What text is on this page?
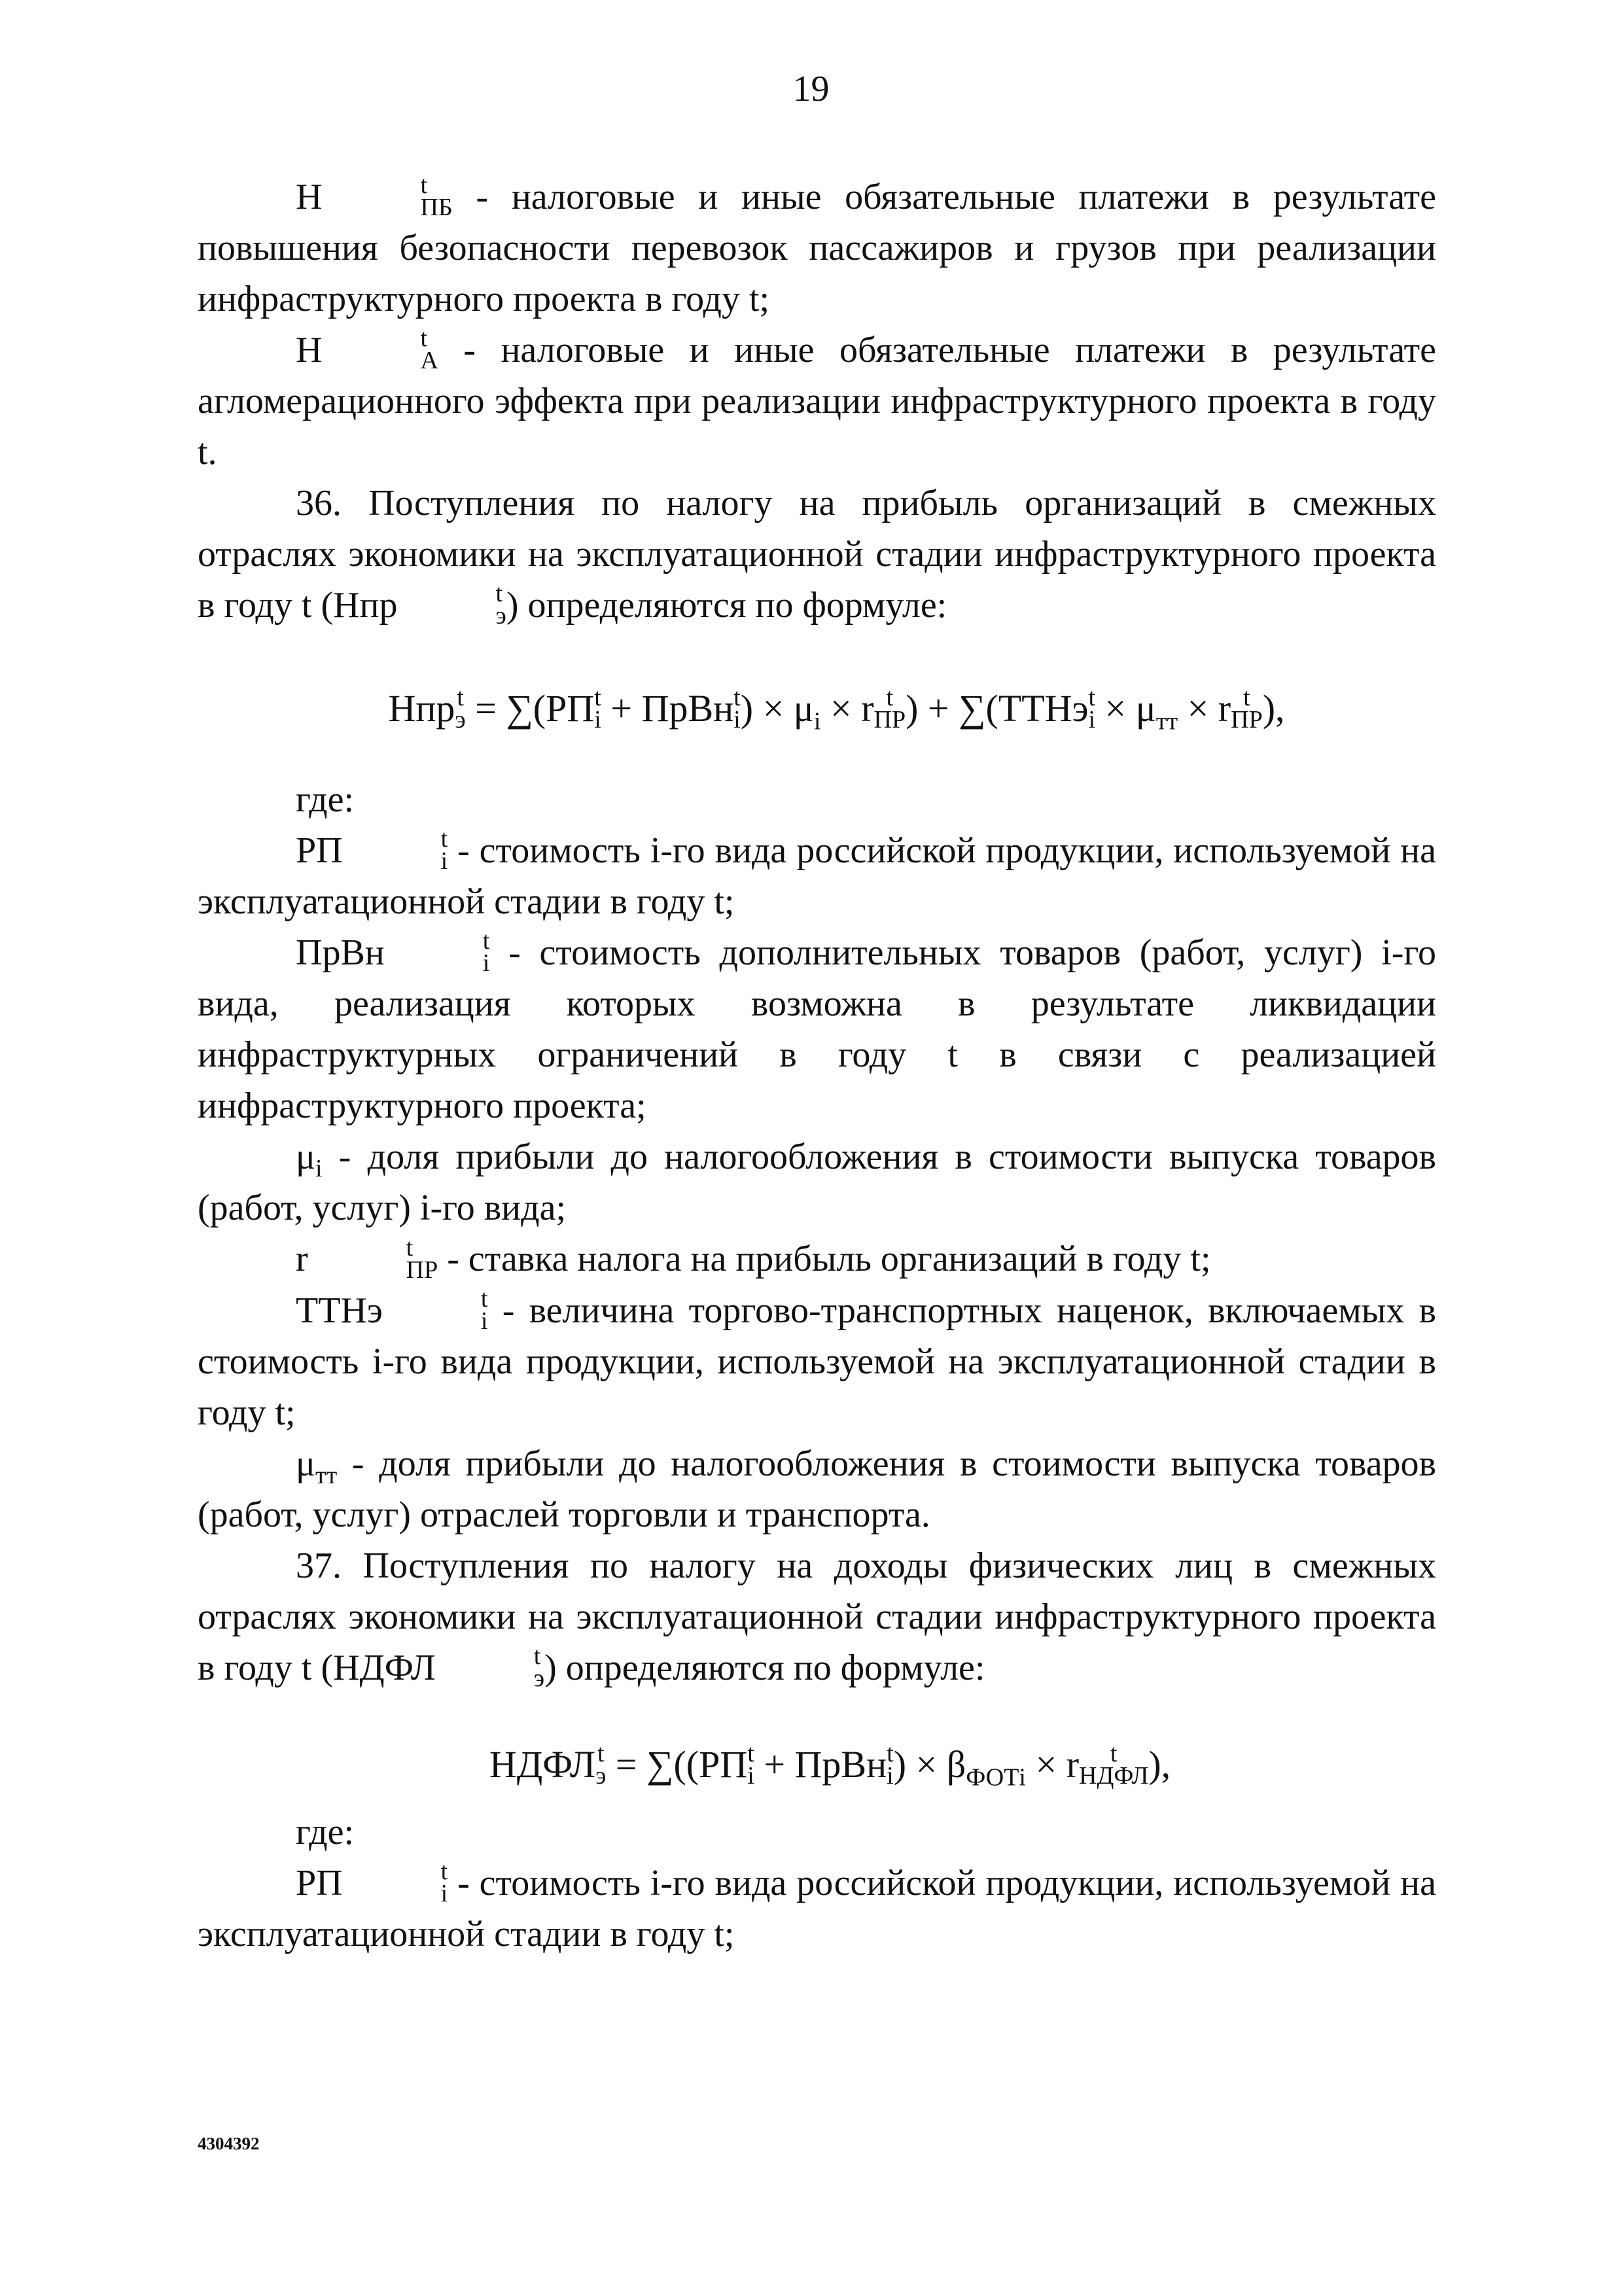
19

Н	t
ПБ - налоговые и иные обязательные платежи в результате повышения безопасности перевозок пассажиров и грузов при реализации инфраструктурного проекта в году t;

Н	t
А - налоговые и иные обязательные платежи в результате агломерационного эффекта при реализации инфраструктурного проекта в году t.

36. Поступления по налогу на прибыль организаций в смежных отраслях экономики на эксплуатационной стадии инфраструктурного проекта в году t (Нпр	t
э ) определяются по формуле:

Нпр t
э = ∑(РП t
i + ПрВн t
i ) × $\mu_i \times r$ t
ПР ) + ∑(ТТНэ t
$i \times \mu_{тт} \times r$ t
ПР ),

где:

РП	t
i - стоимость i-го вида российской продукции, используемой на эксплуатационной стадии в году t;

ПрВн	t
i - стоимость дополнительных товаров (работ, услуг) i-го вида, реализация которых возможна в результате ликвидации инфраструктурных ограничений в году t в связи с реализацией инфраструктурного проекта;

$\mu_i$ - доля прибыли до налогообложения в стоимости выпуска товаров (работ, услуг) i-го вида;

r	t
ПР - ставка налога на прибыль организаций в году t;

ТТНэ	t
i - величина торгово-транспортных наценок, включаемых в стоимость i-го вида продукции, используемой на эксплуатационной стадии в году t;

$\mu_{тт}$ - доля прибыли до налогообложения в стоимости выпуска товаров (работ, услуг) отраслей торговли и транспорта.

37. Поступления по налогу на доходы физических лиц в смежных отраслях экономики на эксплуатационной стадии инфраструктурного проекта в году t (НДФЛ	t
э ) определяются по формуле:

НДФЛ t
э = ∑((РП t
i + ПрВн t
i ) × $\beta_{ФОТi} \times r$	t
НДФЛ ),

где:

РП	t
i - стоимость i-го вида российской продукции, используемой на эксплуатационной стадии в году t;

4304392
